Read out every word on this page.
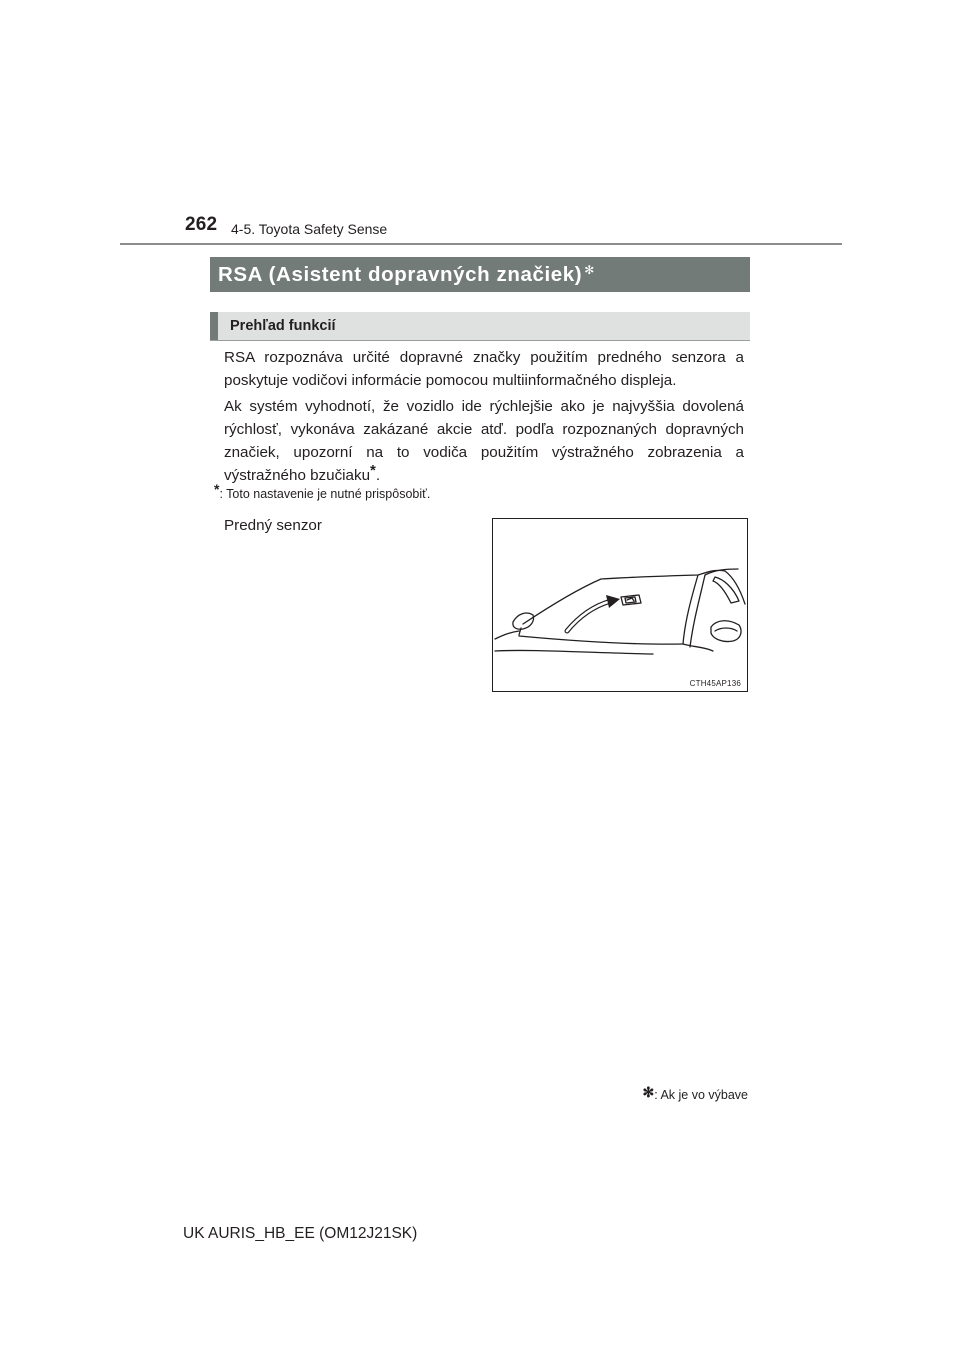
262 4-5. Toyota Safety Sense
RSA (Asistent dopravných značiek) ✻
Prehľad funkcií

RSA rozpoznáva určité dopravné značky použitím predného senzora a poskytuje vodičovi informácie pomocou multiinformačného displeja.

Ak systém vyhodnotí, že vozidlo ide rýchlejšie ako je najvyššia dovolená rýchlosť, vykonáva zakázané akcie atď. podľa rozpoznaných dopravných značiek, upozorní na to vodiča použitím výstražného zobrazenia a výstražného bzučiaku*.

*: Toto nastavenie je nutné prispôsobiť.
Predný senzor
CTH45AP136
✻: Ak je vo výbave
UK AURIS_HB_EE (OM12J21SK)
